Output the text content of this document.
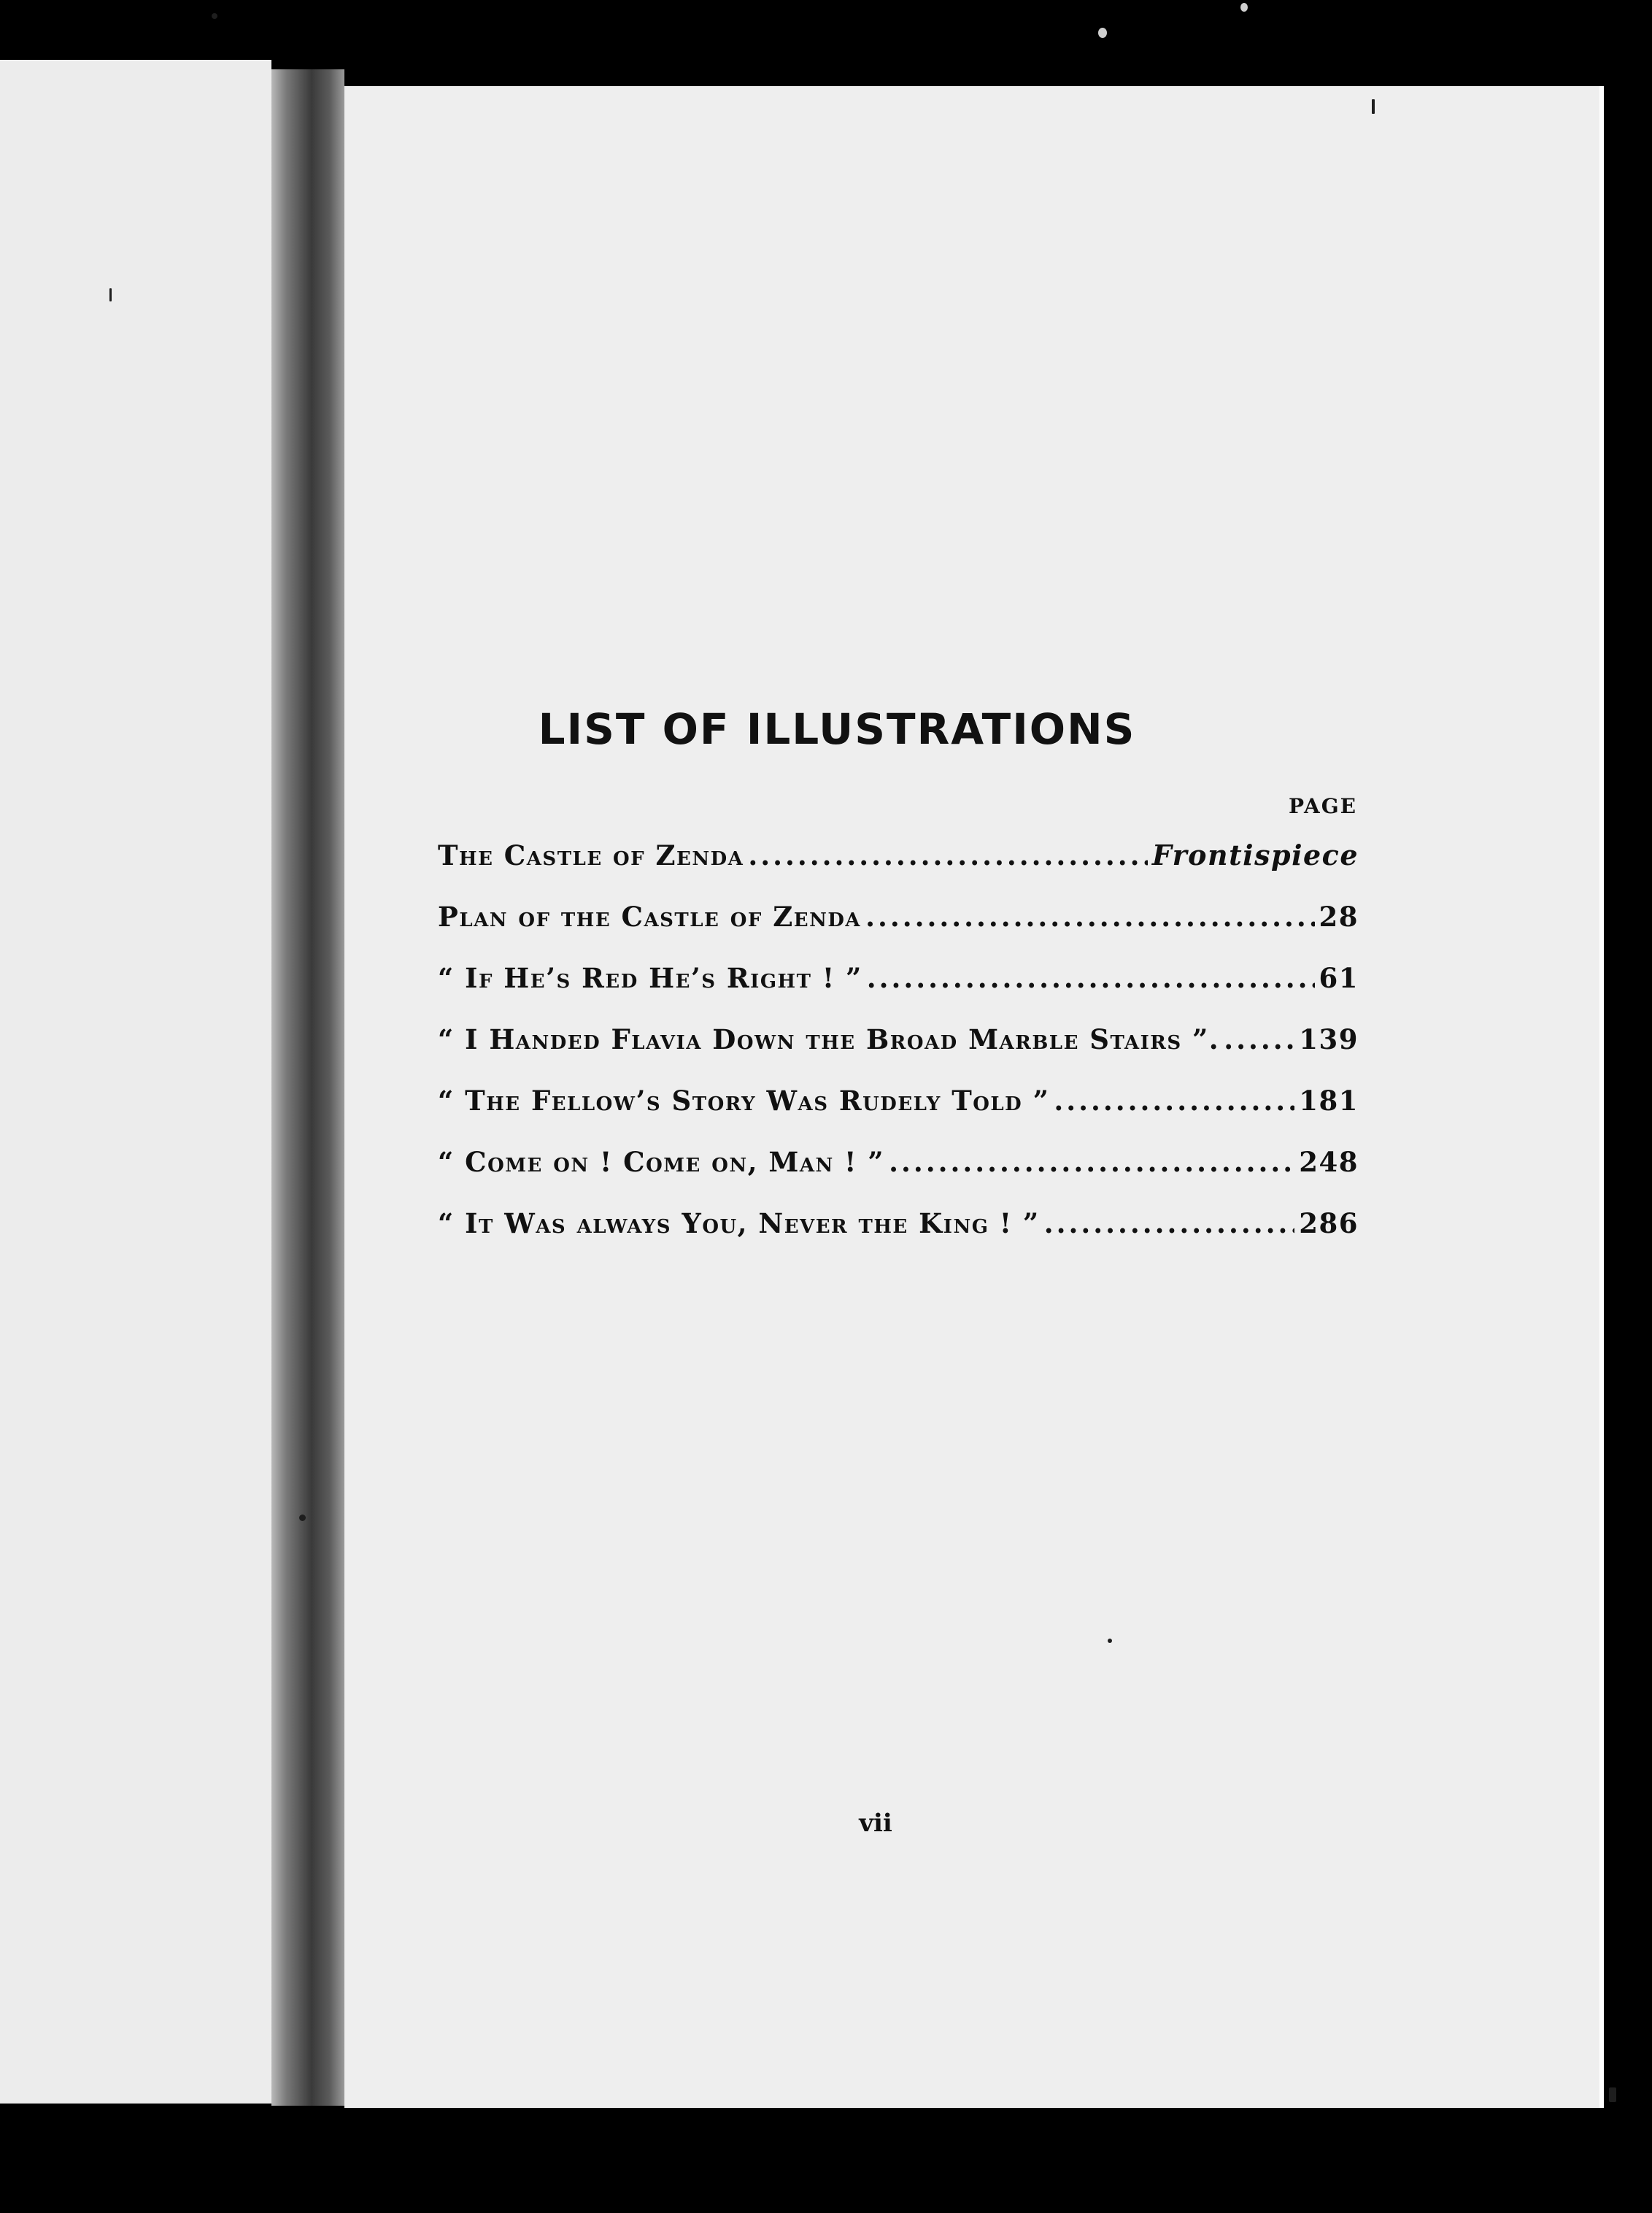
LIST OF ILLUSTRATIONS
PAGE
The Castle of Zenda .....	Frontispiece
Plan of the Castle of Zenda .....	28
“ If He’s Red He’s Right ! ” .....	61
“ I Handed Flavia Down the Broad Marble Stairs ”. .....	139
“ The Fellow’s Story Was Rudely Told ” .....	181
“ Come on ! Come on, Man ! ” .....	248
“ It Was always You, Never the King ! ” .....	286
vii
